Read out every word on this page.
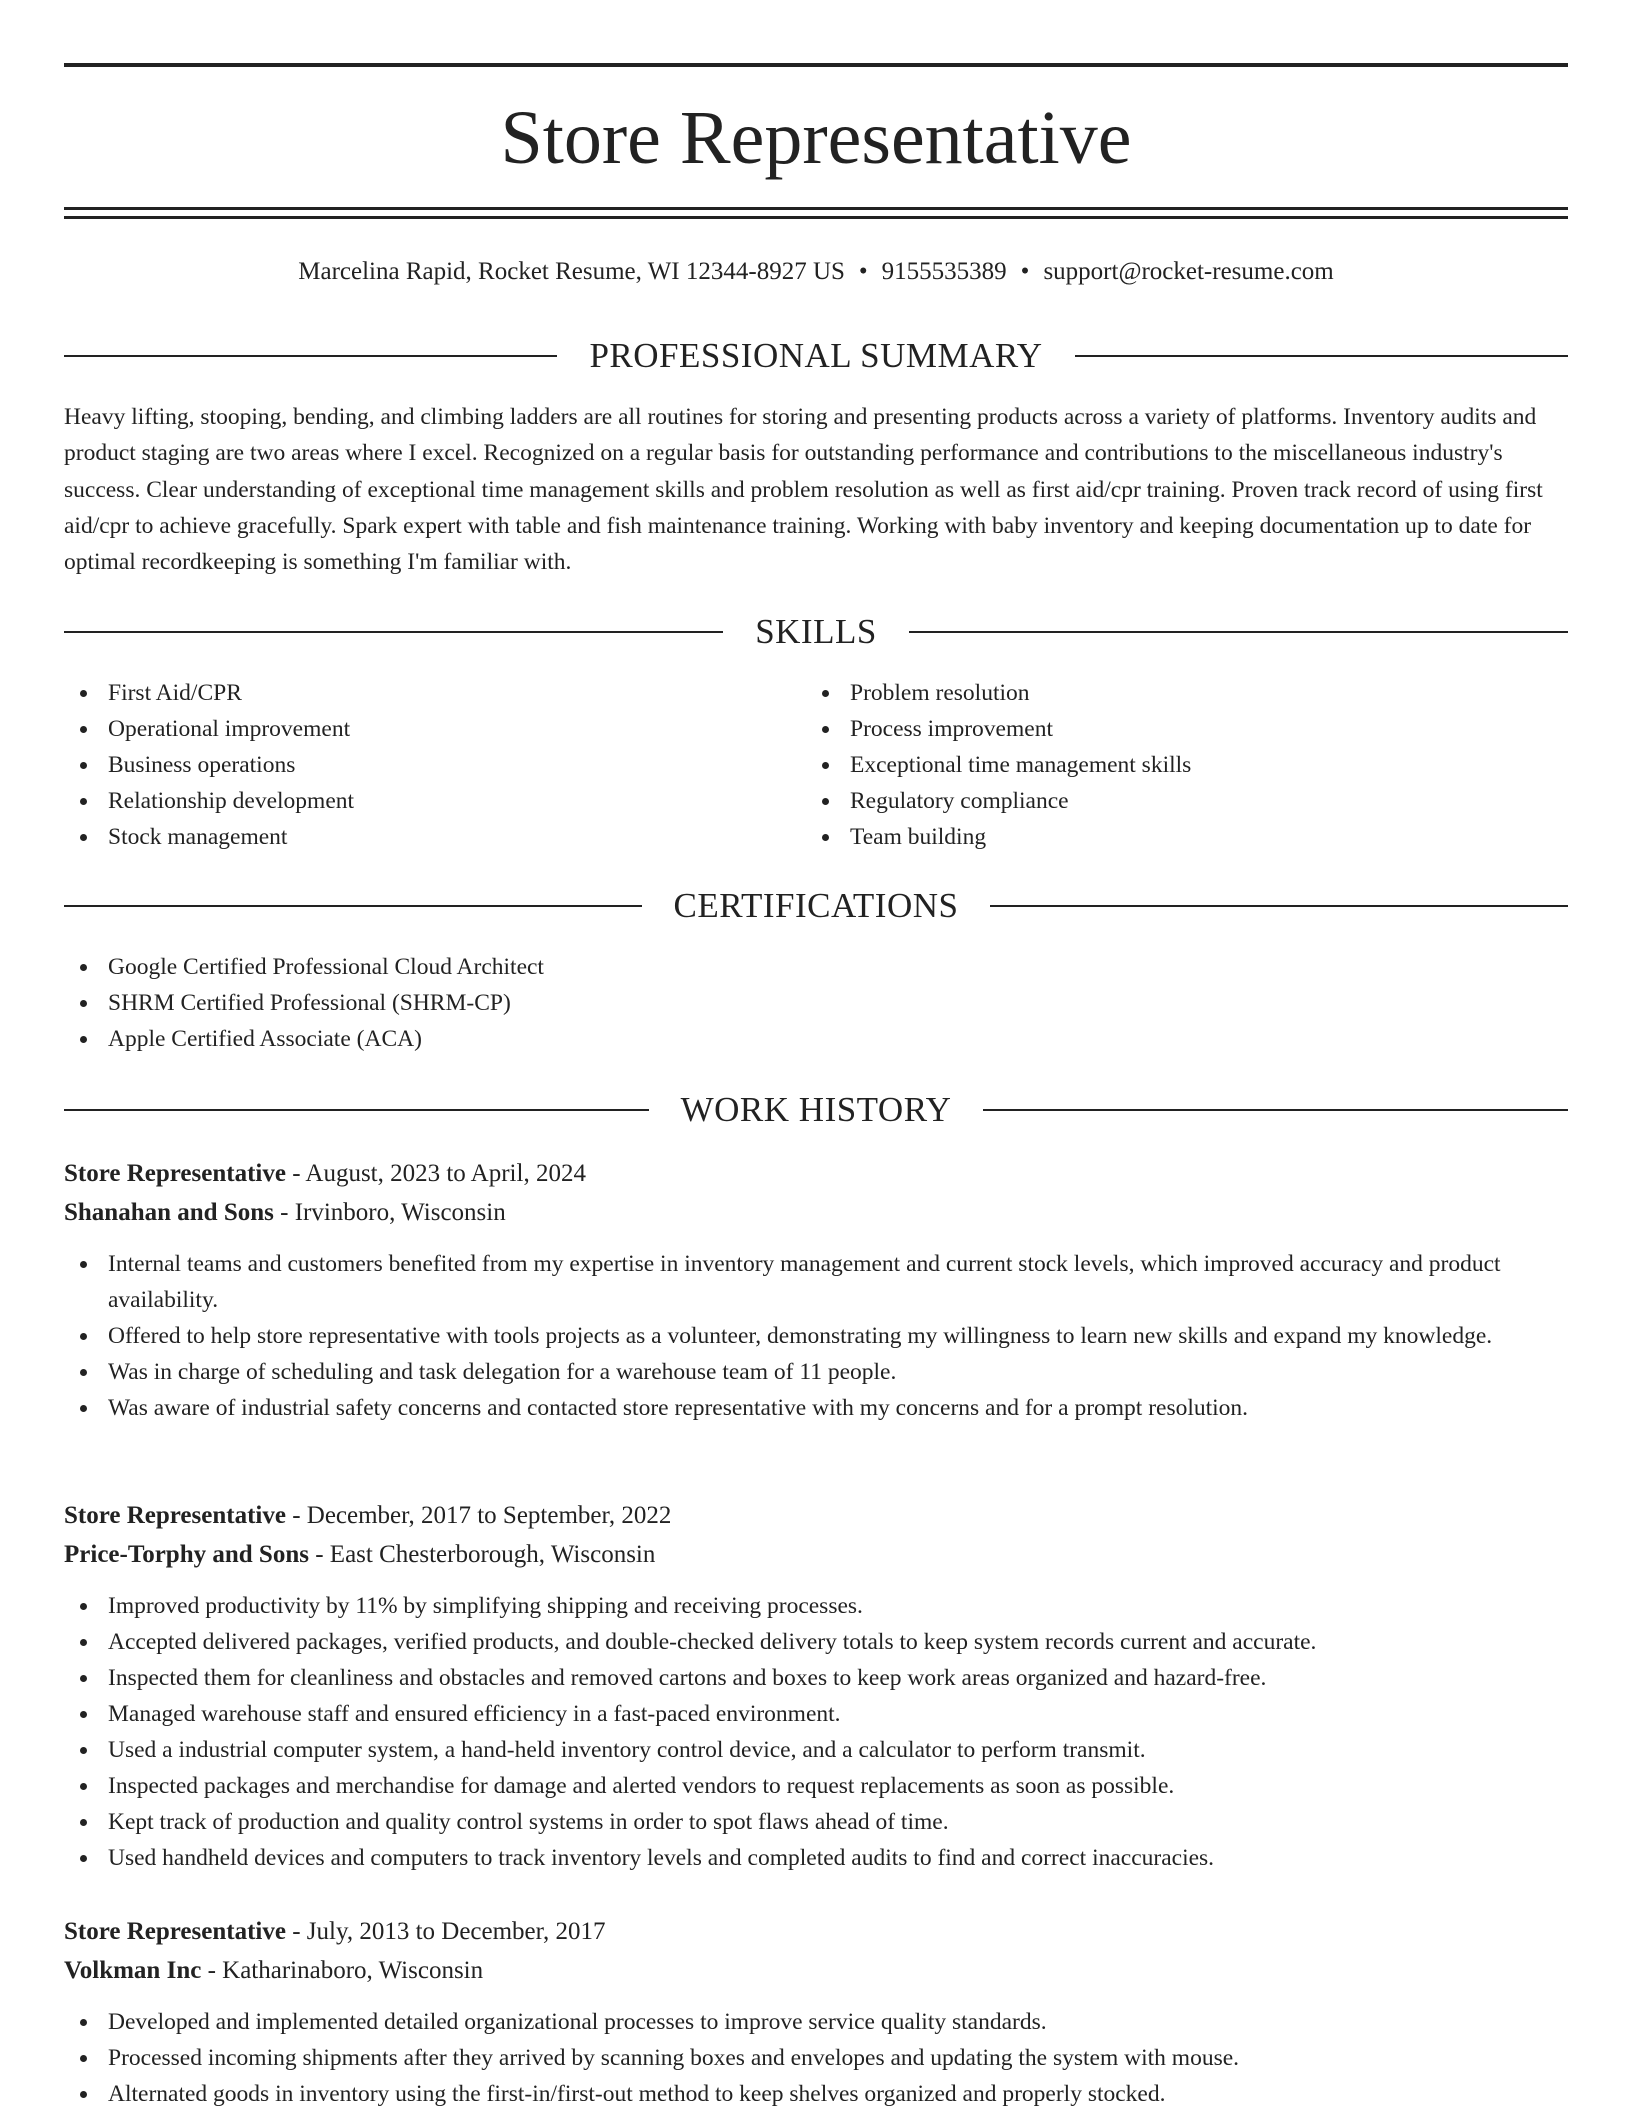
Store Representative
Marcelina Rapid, Rocket Resume, WI 12344-8927 US • 9155535389 • support@rocket-resume.com
PROFESSIONAL SUMMARY

Heavy lifting, stooping, bending, and climbing ladders are all routines for storing and presenting products across a variety of platforms. Inventory audits and product staging are two areas where I excel. Recognized on a regular basis for outstanding performance and contributions to the miscellaneous industry's success. Clear understanding of exceptional time management skills and problem resolution as well as first aid/cpr training. Proven track record of using first aid/cpr to achieve gracefully. Spark expert with table and fish maintenance training. Working with baby inventory and keeping documentation up to date for optimal recordkeeping is something I'm familiar with.

SKILLS
First Aid/CPR
Operational improvement
Business operations
Relationship development
Stock management
Problem resolution
Process improvement
Exceptional time management skills
Regulatory compliance
Team building
CERTIFICATIONS
Google Certified Professional Cloud Architect
SHRM Certified Professional (SHRM-CP)
Apple Certified Associate (ACA)
WORK HISTORY
Store Representative - August, 2023 to April, 2024
Shanahan and Sons - Irvinboro, Wisconsin
Internal teams and customers benefited from my expertise in inventory management and current stock levels, which improved accuracy and product availability.
Offered to help store representative with tools projects as a volunteer, demonstrating my willingness to learn new skills and expand my knowledge.
Was in charge of scheduling and task delegation for a warehouse team of 11 people.
Was aware of industrial safety concerns and contacted store representative with my concerns and for a prompt resolution.
Store Representative - December, 2017 to September, 2022
Price-Torphy and Sons - East Chesterborough, Wisconsin
Improved productivity by 11% by simplifying shipping and receiving processes.
Accepted delivered packages, verified products, and double-checked delivery totals to keep system records current and accurate.
Inspected them for cleanliness and obstacles and removed cartons and boxes to keep work areas organized and hazard-free.
Managed warehouse staff and ensured efficiency in a fast-paced environment.
Used a industrial computer system, a hand-held inventory control device, and a calculator to perform transmit.
Inspected packages and merchandise for damage and alerted vendors to request replacements as soon as possible.
Kept track of production and quality control systems in order to spot flaws ahead of time.
Used handheld devices and computers to track inventory levels and completed audits to find and correct inaccuracies.
Store Representative - July, 2013 to December, 2017
Volkman Inc - Katharinaboro, Wisconsin
Developed and implemented detailed organizational processes to improve service quality standards.
Processed incoming shipments after they arrived by scanning boxes and envelopes and updating the system with mouse.
Alternated goods in inventory using the first-in/first-out method to keep shelves organized and properly stocked.
